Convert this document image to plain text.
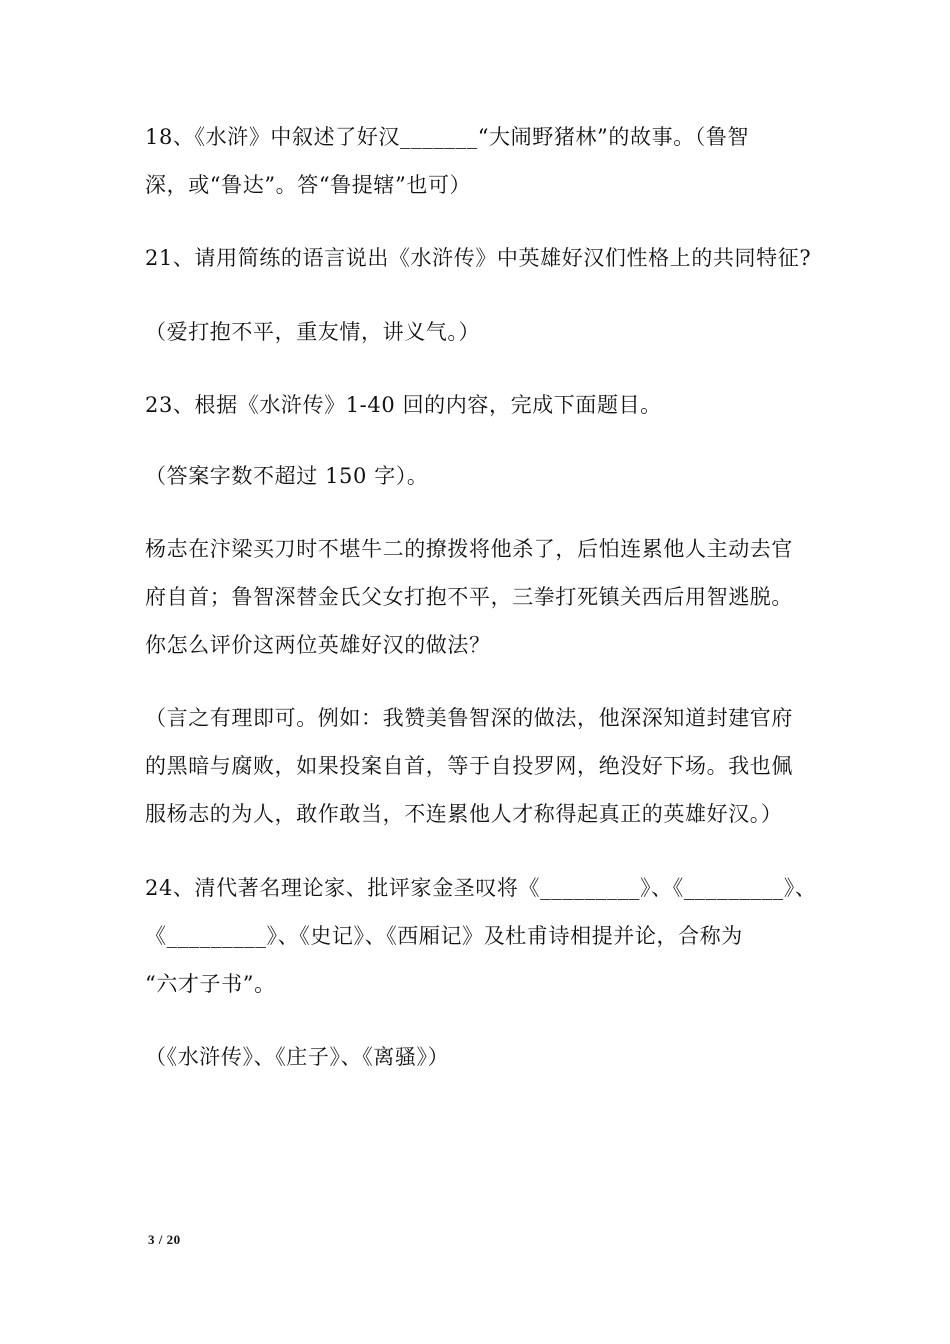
18、《水浒》中叙述了好汉_______“大闹野猪林”的故事。（鲁智
深，或“鲁达”。答“鲁提辖”也可）
21、请用简练的语言说出《水浒传》中英雄好汉们性格上的共同特征?
（爱打抱不平，重友情，讲义气。）
23、根据《水浒传》1-40 回的内容，完成下面题目。
（答案字数不超过 150 字）。
杨志在汴梁买刀时不堪牛二的撩拨将他杀了，后怕连累他人主动去官
府自首；鲁智深替金氏父女打抱不平，三拳打死镇关西后用智逃脱。
你怎么评价这两位英雄好汉的做法？
（言之有理即可。例如：我赞美鲁智深的做法，他深深知道封建官府
的黑暗与腐败，如果投案自首，等于自投罗网，绝没好下场。我也佩
服杨志的为人，敢作敢当，不连累他人才称得起真正的英雄好汉。）
24、清代著名理论家、批评家金圣叹将《_________》、《_________》、
《_________》、《史记》、《西厢记》及杜甫诗相提并论，合称为
“六才子书”。
（《水浒传》、《庄子》、《离骚》）
3 / 20
